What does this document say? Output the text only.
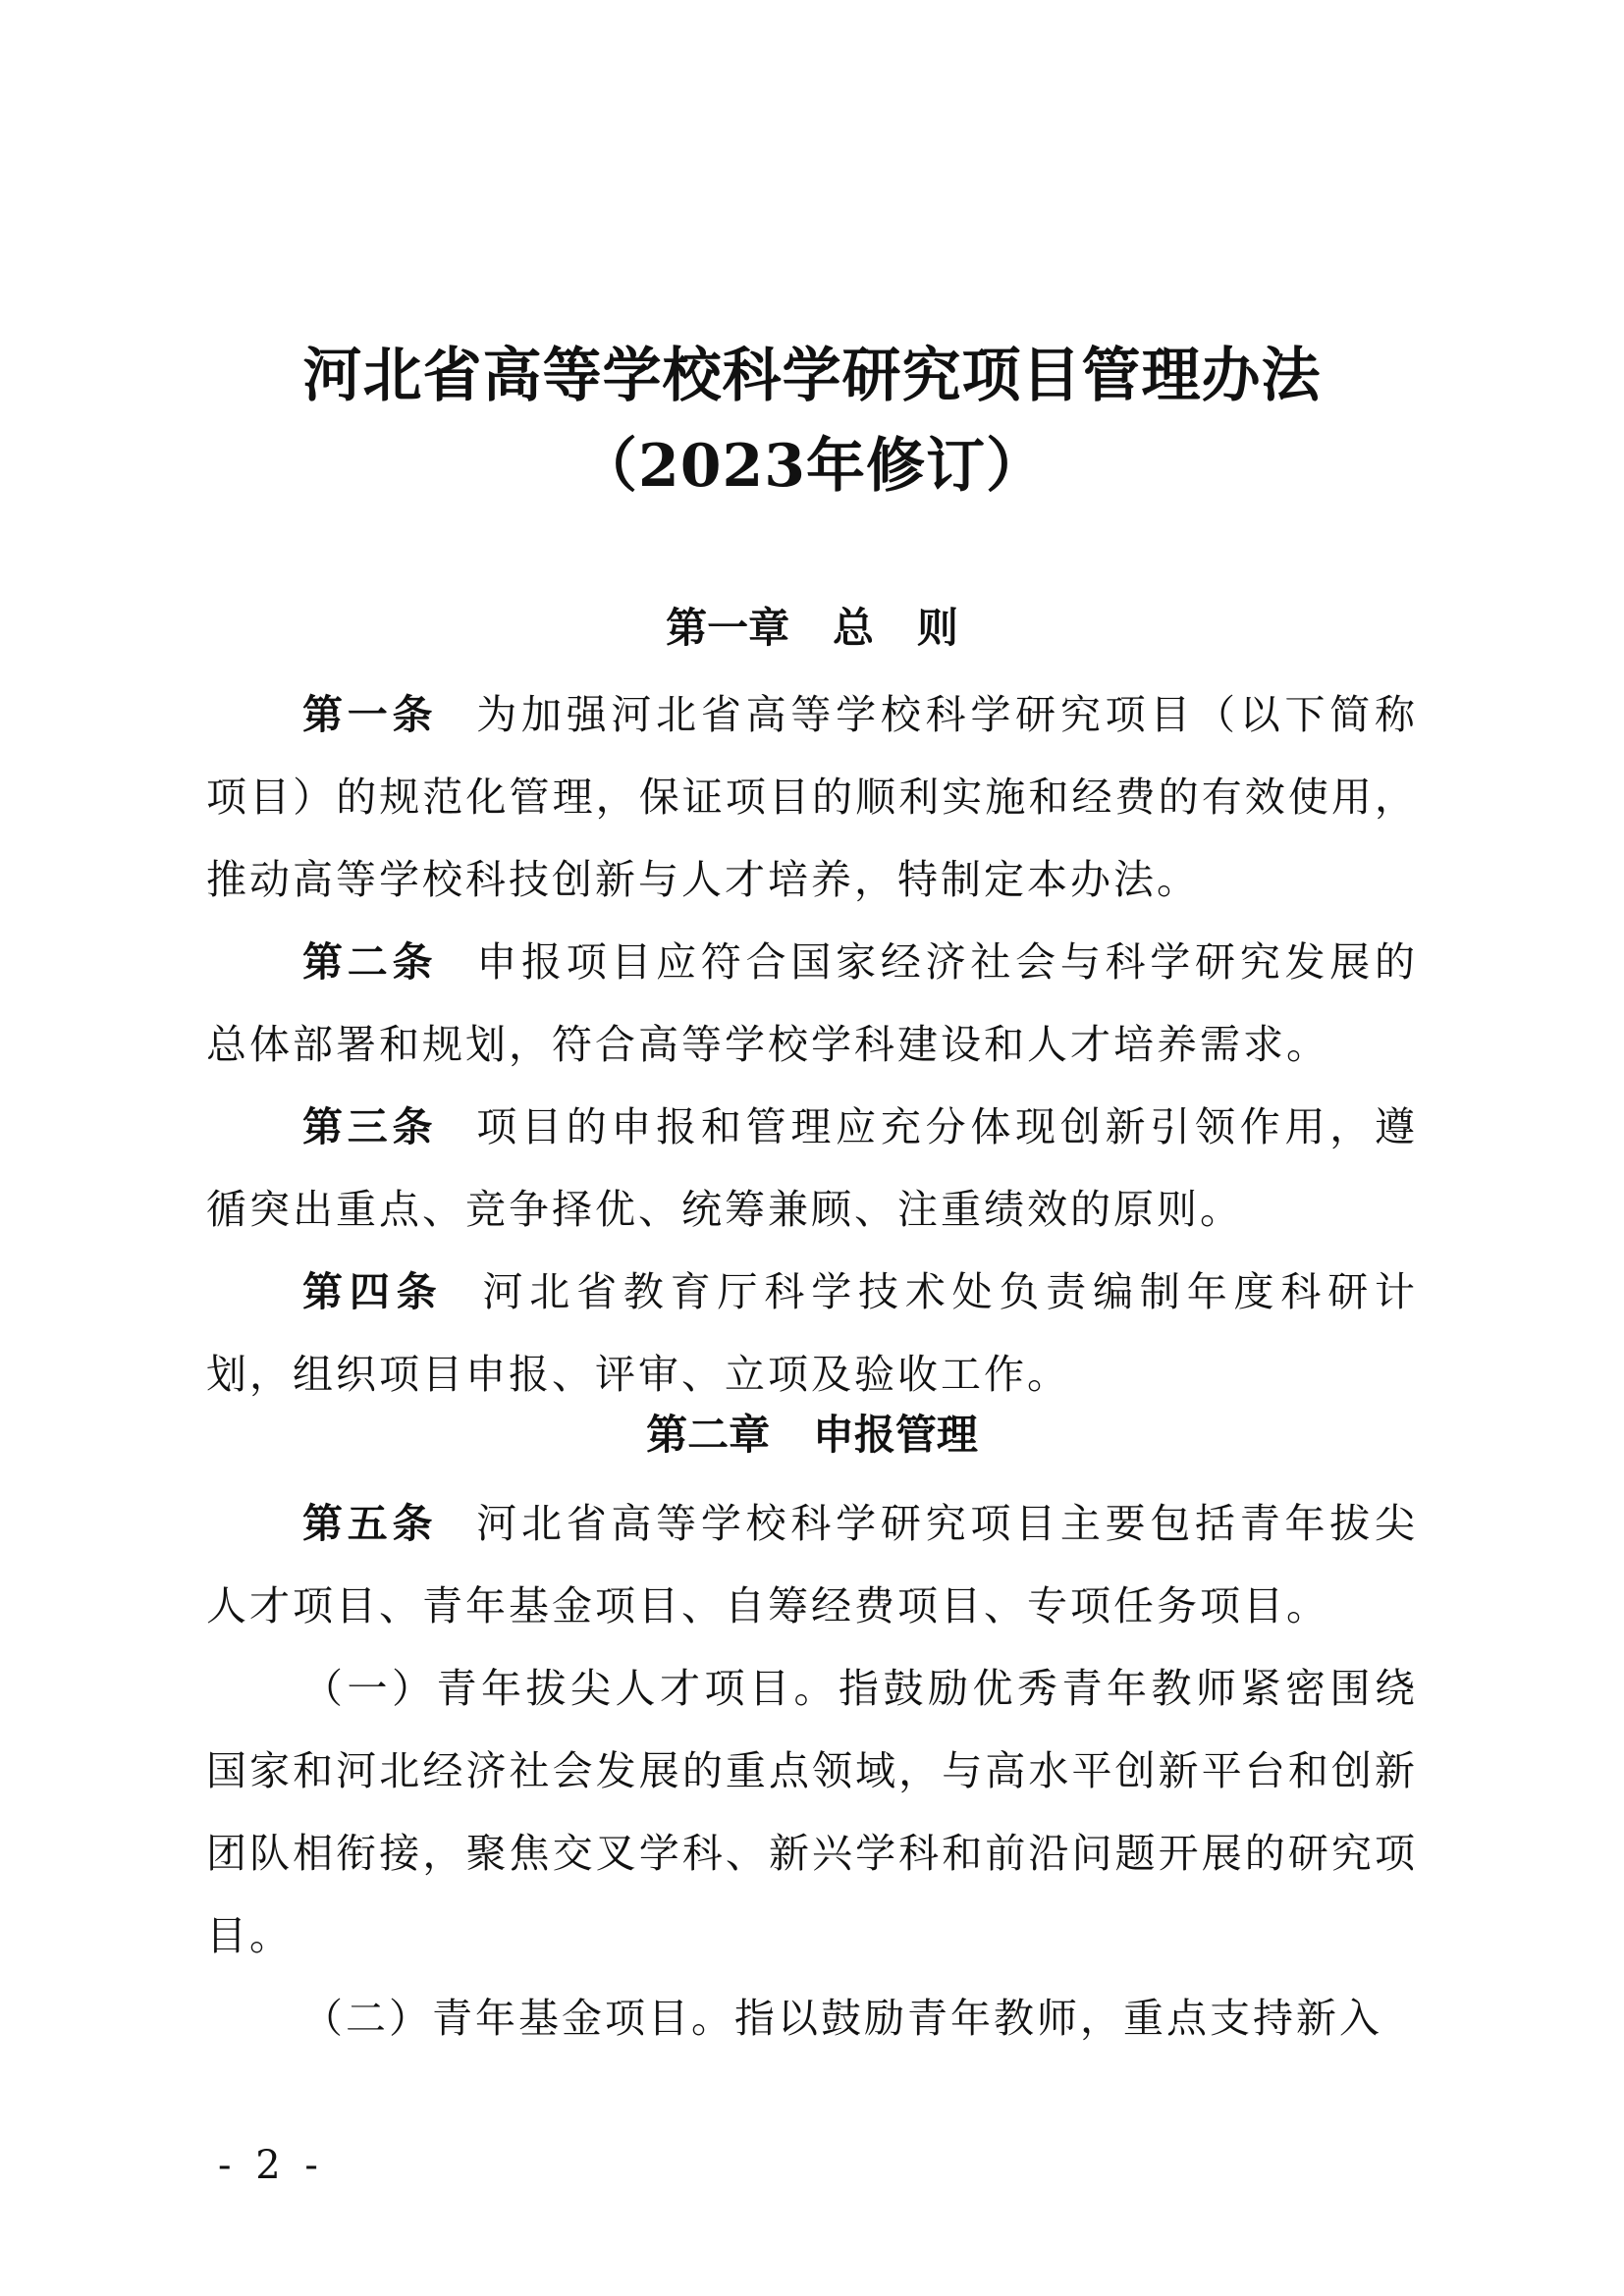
河北省高等学校科学研究项目管理办法
（2023年修订）
第一章   总   则
第一条 为加强河北省高等学校科学研究项目（以下简称项目）的规范化管理，保证项目的顺利实施和经费的有效使用，推动高等学校科技创新与人才培养，特制定本办法。
第二条 申报项目应符合国家经济社会与科学研究发展的总体部署和规划，符合高等学校学科建设和人才培养需求。
第三条 项目的申报和管理应充分体现创新引领作用，遵循突出重点、竞争择优、统筹兼顾、注重绩效的原则。
第四条 河北省教育厅科学技术处负责编制年度科研计划，组织项目申报、评审、立项及验收工作。
第二章   申报管理
第五条 河北省高等学校科学研究项目主要包括青年拔尖人才项目、青年基金项目、自筹经费项目、专项任务项目。
（一）青年拔尖人才项目。指鼓励优秀青年教师紧密围绕国家和河北经济社会发展的重点领域，与高水平创新平台和创新团队相衔接，聚焦交叉学科、新兴学科和前沿问题开展的研究项目。
（二）青年基金项目。指以鼓励青年教师，重点支持新入
- 2 -
